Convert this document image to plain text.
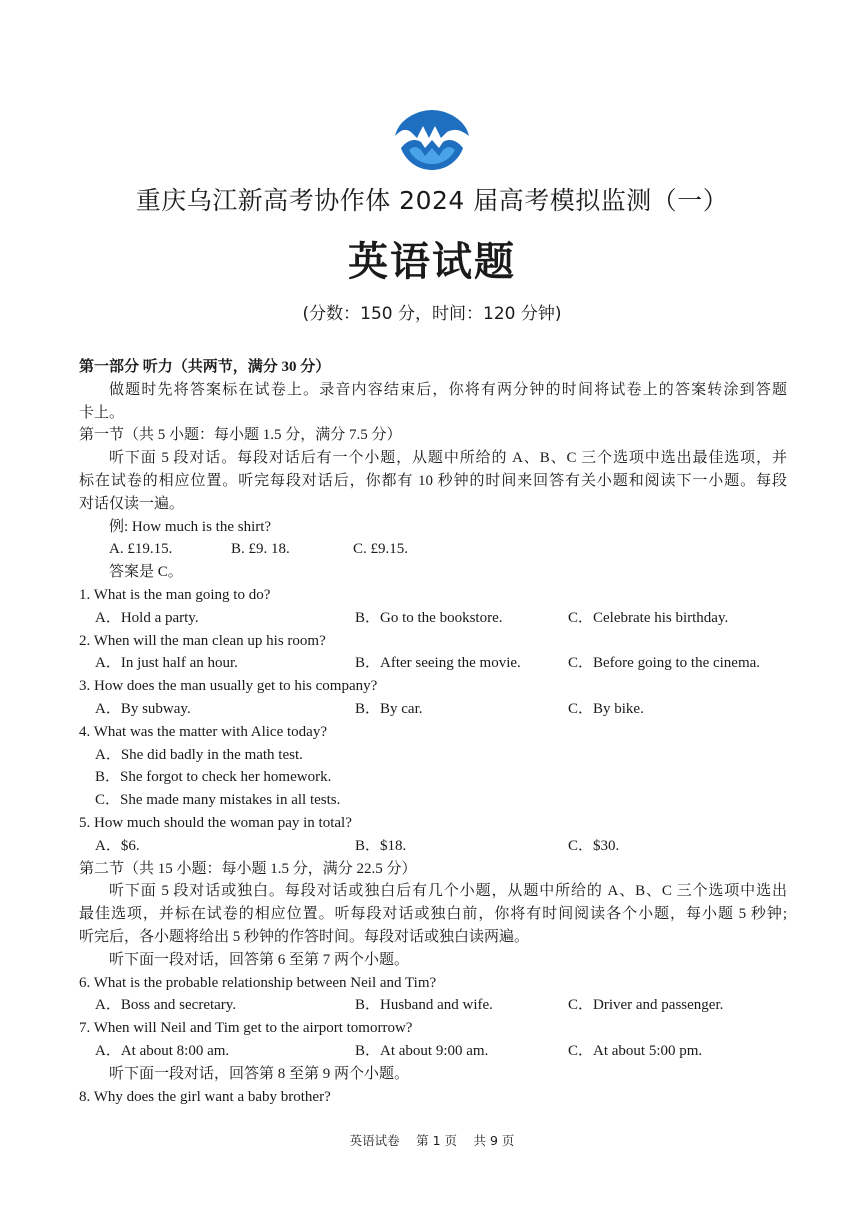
重庆乌江新高考协作体 2024 届高考模拟监测（一）
英语试题
(分数：150 分，时间：120 分钟)
第一部分 听力（共两节，满分 30 分）
做题时先将答案标在试卷上。录音内容结束后，你将有两分钟的时间将试卷上的答案转涂到答题
卡上。
第一节（共 5 小题：每小题 1.5 分，满分 7.5 分）
听下面 5 段对话。每段对话后有一个小题，从题中所给的 A、B、C 三个选项中选出最佳选项，并
标在试卷的相应位置。听完每段对话后，你都有 10 秒钟的时间来回答有关小题和阅读下一小题。每段
对话仅读一遍。
例: How much is the shirt?
A. £19.15.	B. £9. 18.	C. £9.15.
答案是 C。
1. What is the man going to do?
A．Hold a party.	B．Go to the bookstore.	C．Celebrate his birthday.
2. When will the man clean up his room?
A．In just half an hour.	B．After seeing the movie.	C．Before going to the cinema.
3. How does the man usually get to his company?
A．By subway.	B．By car.	C．By bike.
4. What was the matter with Alice today?
A．She did badly in the math test.
B．She forgot to check her homework.
C．She made many mistakes in all tests.
5. How much should the woman pay in total?
A．$6.	B．$18.	C．$30.
第二节（共 15 小题：每小题 1.5 分，满分 22.5 分）
听下面 5 段对话或独白。每段对话或独白后有几个小题，从题中所给的 A、B、C 三个选项中选出
最佳选项，并标在试卷的相应位置。听每段对话或独白前，你将有时间阅读各个小题，每小题 5 秒钟;
听完后，各小题将给出 5 秒钟的作答时间。每段对话或独白读两遍。
听下面一段对话，回答第 6 至第 7 两个小题。
6. What is the probable relationship between Neil and Tim?
A．Boss and secretary.	B．Husband and wife.	C．Driver and passenger.
7. When will Neil and Tim get to the airport tomorrow?
A．At about 8:00 am.	B．At about 9:00 am.	C．At about 5:00 pm.
听下面一段对话，回答第 8 至第 9 两个小题。
8. Why does the girl want a baby brother?
英语试卷　 第 1 页　 共 9 页
